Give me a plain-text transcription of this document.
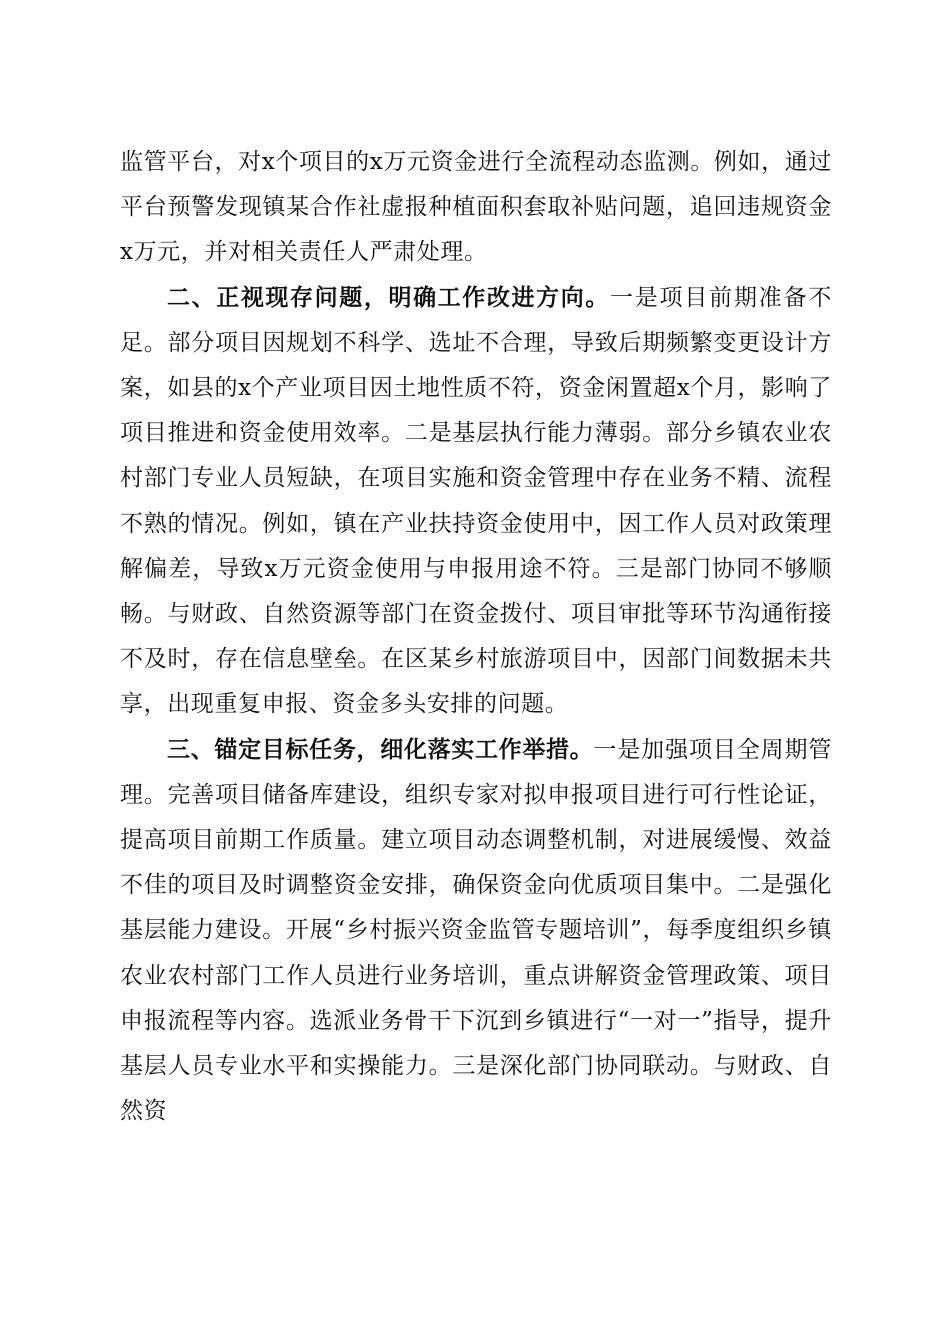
监管平台，对x个项目的x万元资金进行全流程动态监测。例如，通过平台预警发现镇某合作社虚报种植面积套取补贴问题，追回违规资金x万元，并对相关责任人严肃处理。

二、正视现存问题，明确工作改进方向。一是项目前期准备不足。部分项目因规划不科学、选址不合理，导致后期频繁变更设计方案，如县的x个产业项目因土地性质不符，资金闲置超x个月，影响了项目推进和资金使用效率。二是基层执行能力薄弱。部分乡镇农业农村部门专业人员短缺，在项目实施和资金管理中存在业务不精、流程不熟的情况。例如，镇在产业扶持资金使用中，因工作人员对政策理解偏差，导致x万元资金使用与申报用途不符。三是部门协同不够顺畅。与财政、自然资源等部门在资金拨付、项目审批等环节沟通衔接不及时，存在信息壁垒。在区某乡村旅游项目中，因部门间数据未共享，出现重复申报、资金多头安排的问题。

三、锚定目标任务，细化落实工作举措。一是加强项目全周期管理。完善项目储备库建设，组织专家对拟申报项目进行可行性论证，提高项目前期工作质量。建立项目动态调整机制，对进展缓慢、效益不佳的项目及时调整资金安排，确保资金向优质项目集中。二是强化基层能力建设。开展“乡村振兴资金监管专题培训”，每季度组织乡镇农业农村部门工作人员进行业务培训，重点讲解资金管理政策、项目申报流程等内容。选派业务骨干下沉到乡镇进行“一对一”指导，提升基层人员专业水平和实操能力。三是深化部门协同联动。与财政、自然资
